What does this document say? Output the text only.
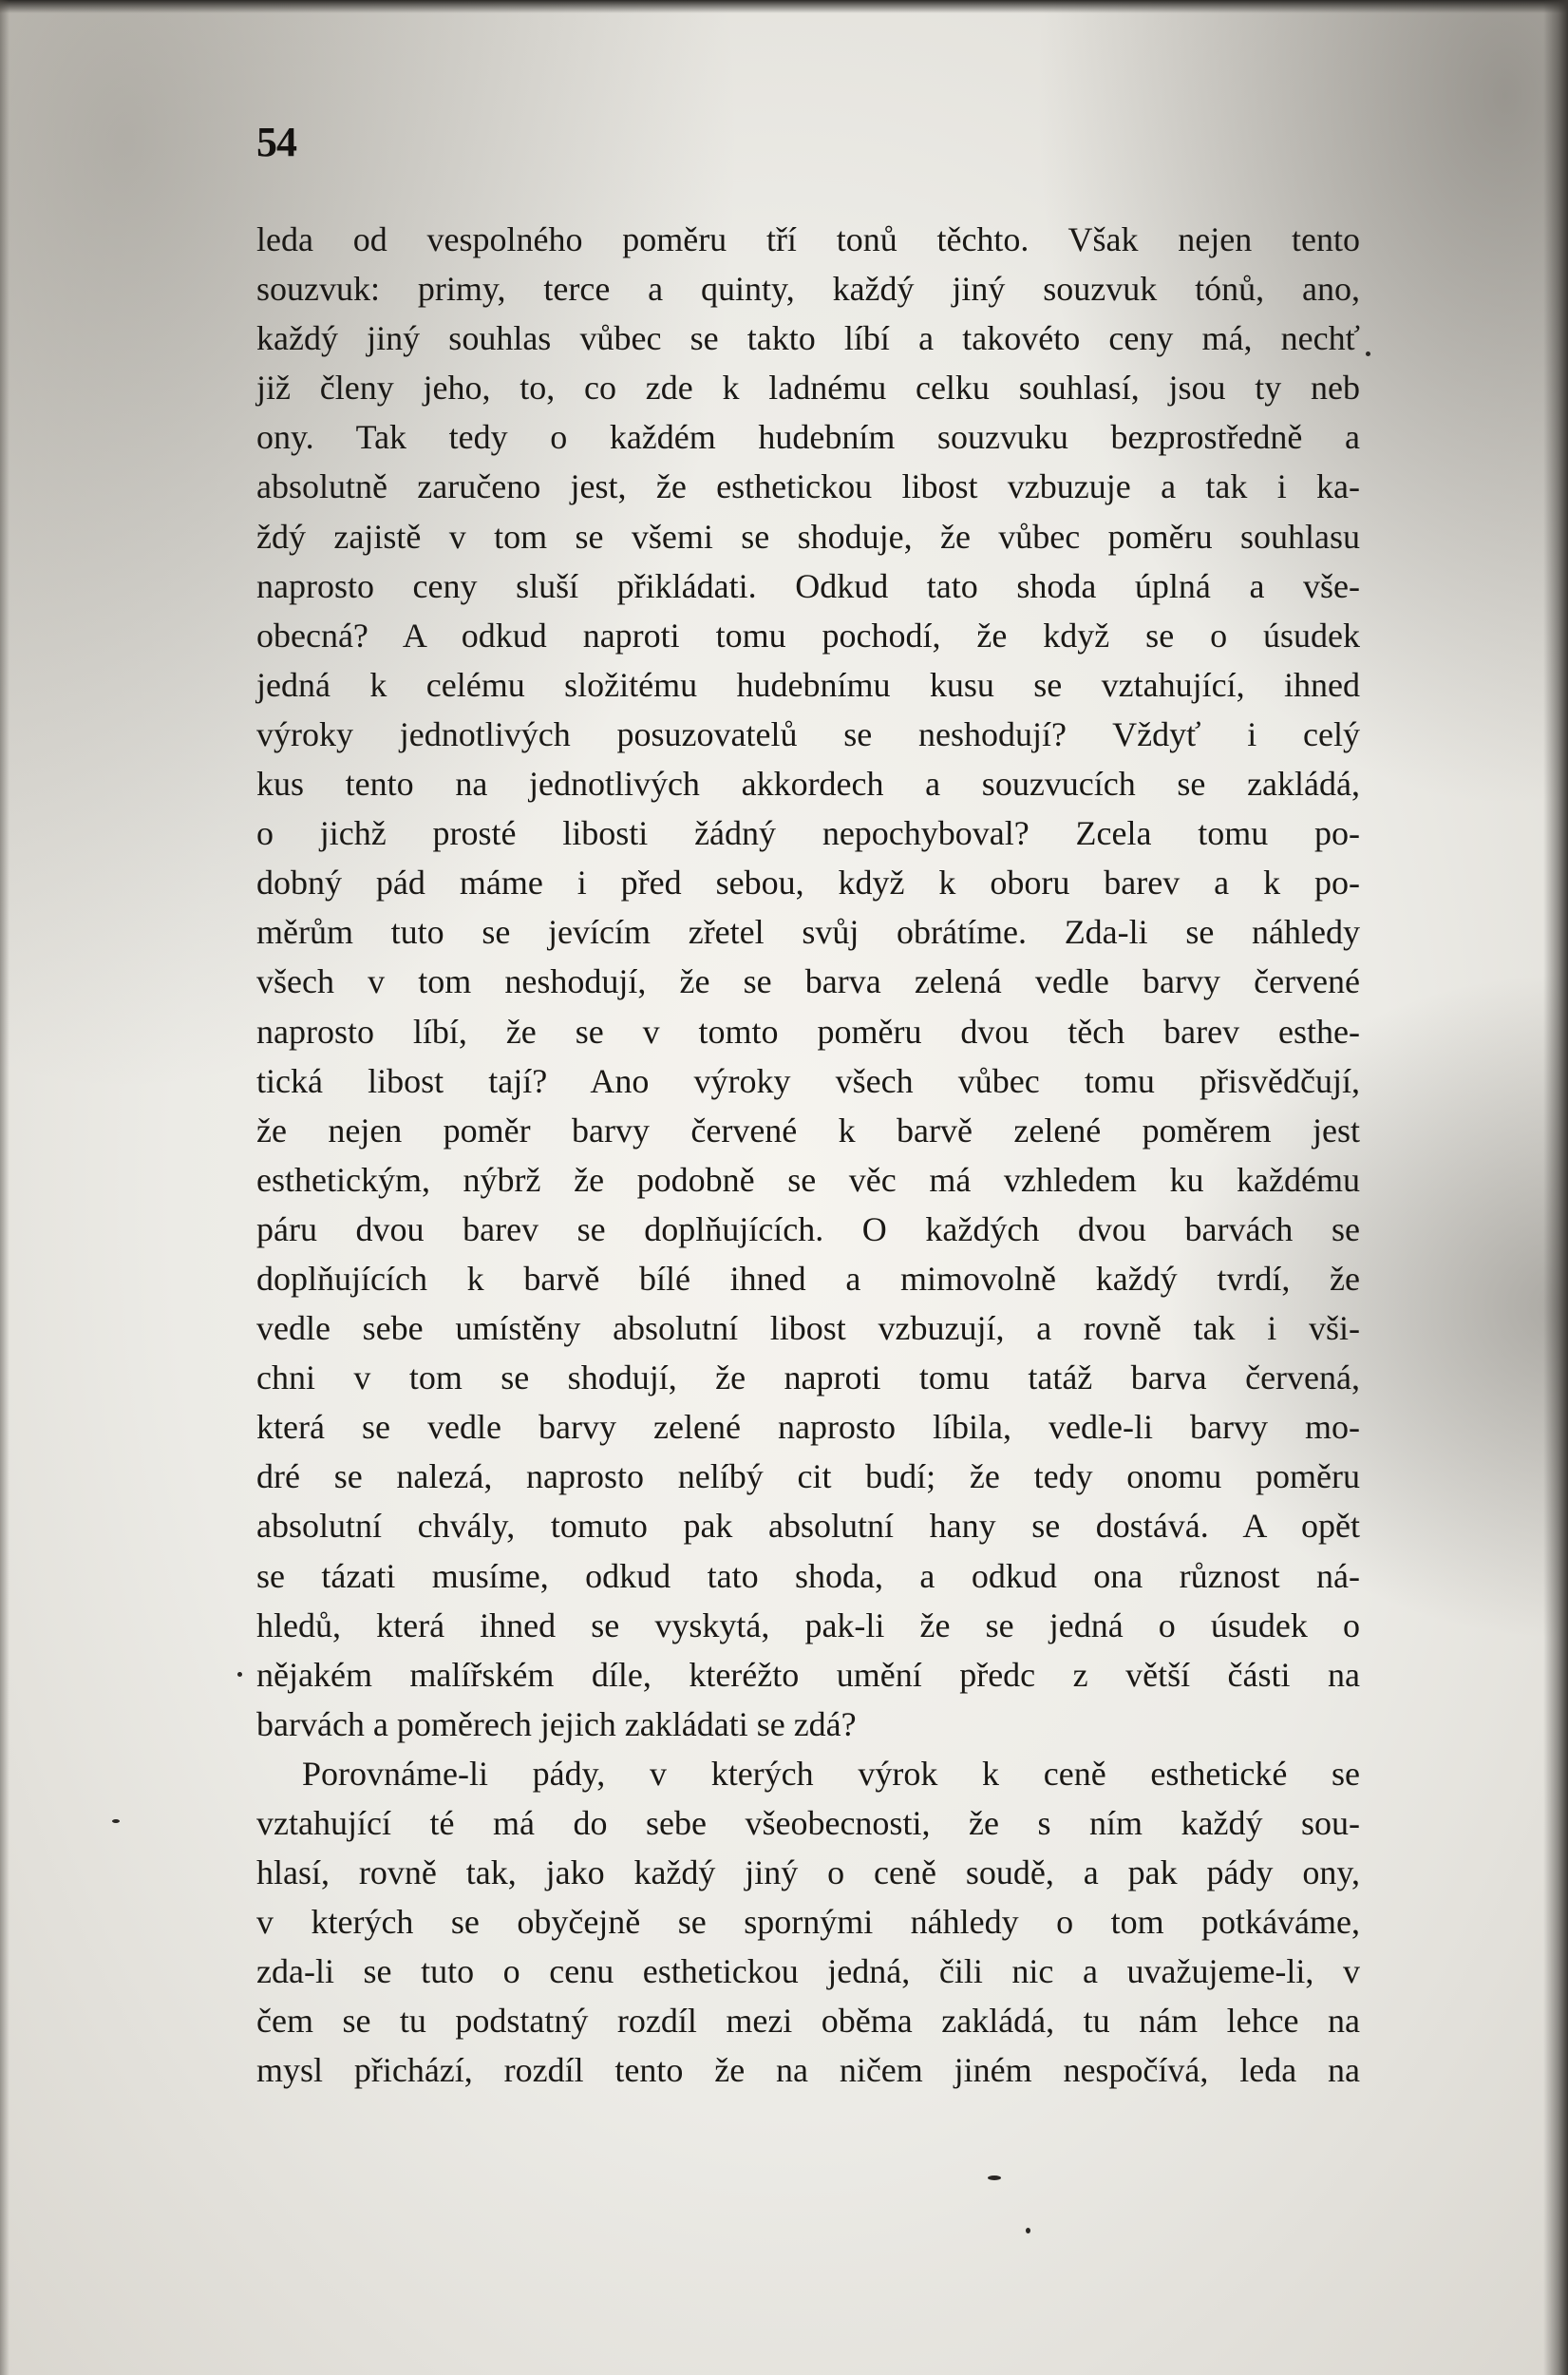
54
leda od vespolného poměru tří tonů těchto. Však nejen tento
souzvuk: primy, terce a quinty, každý jiný souzvuk tónů, ano,
každý jiný souhlas vůbec se takto líbí a takovéto ceny má, nechť
již členy jeho, to, co zde k ladnému celku souhlasí, jsou ty neb
ony. Tak tedy o každém hudebním souzvuku bezprostředně a
absolutně zaručeno jest, že esthetickou libost vzbuzuje a tak i ka-
ždý zajistě v tom se všemi se shoduje, že vůbec poměru souhlasu
naprosto ceny sluší přikládati. Odkud tato shoda úplná a vše-
obecná? A odkud naproti tomu pochodí, že když se o úsudek
jedná k celému složitému hudebnímu kusu se vztahující, ihned
výroky jednotlivých posuzovatelů se neshodují? Vždyť i celý
kus tento na jednotlivých akkordech a souzvucích se zakládá,
o jichž prosté libosti žádný nepochyboval? Zcela tomu po-
dobný pád máme i před sebou, když k oboru barev a k po-
měrům tuto se jevícím zřetel svůj obrátíme. Zda-li se náhledy
všech v tom neshodují, že se barva zelená vedle barvy červené
naprosto líbí, že se v tomto poměru dvou těch barev esthe-
tická libost tají? Ano výroky všech vůbec tomu přisvědčují,
že nejen poměr barvy červené k barvě zelené poměrem jest
esthetickým, nýbrž že podobně se věc má vzhledem ku každému
páru dvou barev se doplňujících. O každých dvou barvách se
doplňujících k barvě bílé ihned a mimovolně každý tvrdí, že
vedle sebe umístěny absolutní libost vzbuzují, a rovně tak i vši-
chni v tom se shodují, že naproti tomu tatáž barva červená,
která se vedle barvy zelené naprosto líbila, vedle-li barvy mo-
dré se nalezá, naprosto nelíbý cit budí; že tedy onomu poměru
absolutní chvály, tomuto pak absolutní hany se dostává. A opět
se tázati musíme, odkud tato shoda, a odkud ona různost ná-
hledů, která ihned se vyskytá, pak-li že se jedná o úsudek o
nějakém malířském díle, kteréžto umění předc z větší části na
barvách a poměrech jejich zakládati se zdá?
Porovnáme-li pády, v kterých výrok k ceně esthetické se
vztahující té má do sebe všeobecnosti, že s ním každý sou-
hlasí, rovně tak, jako každý jiný o ceně soudě, a pak pády ony,
v kterých se obyčejně se spornými náhledy o tom potkáváme,
zda-li se tuto o cenu esthetickou jedná, čili nic a uvažujeme-li, v
čem se tu podstatný rozdíl mezi oběma zakládá, tu nám lehce na
mysl přichází, rozdíl tento že na ničem jiném nespočívá, leda na
